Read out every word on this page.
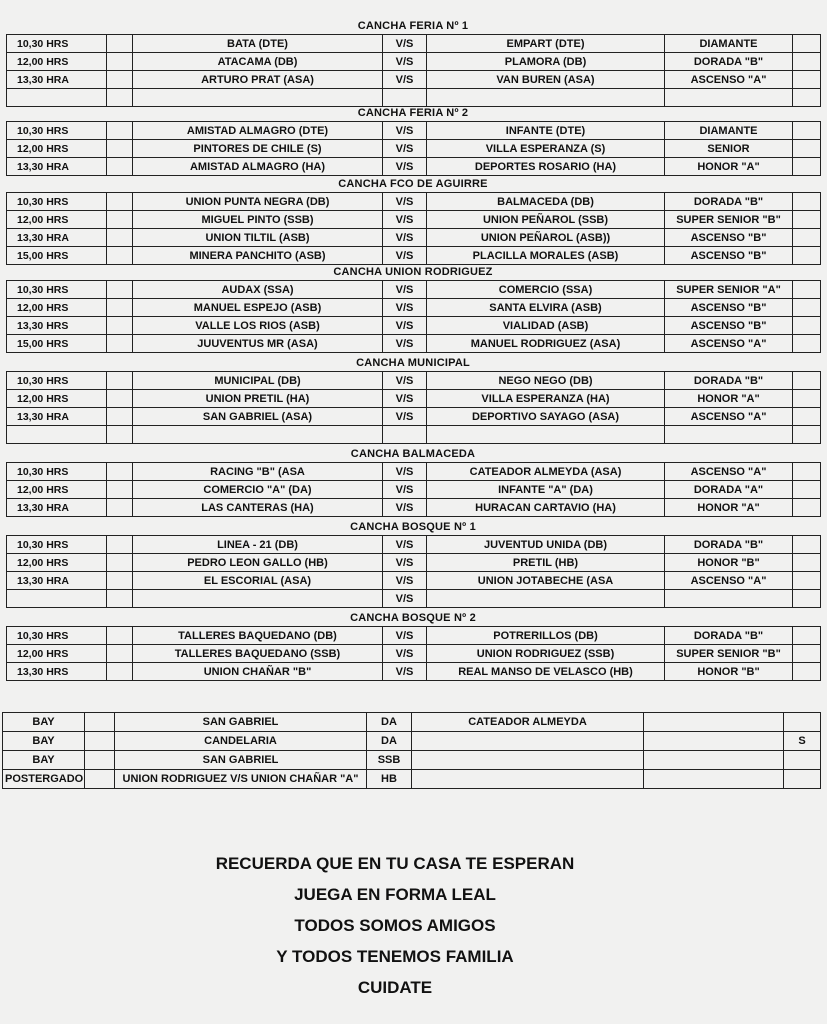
CANCHA FERIA Nº 1
10,30 HRS		BATA (DTE)	V/S	EMPART (DTE)	DIAMANTE	
12,00 HRS		ATACAMA (DB)	V/S	PLAMORA (DB)	DORADA "B"	
13,30 HRA		ARTURO PRAT (ASA)	V/S	VAN BUREN (ASA)	ASCENSO "A"	

CANCHA FERIA Nº 2
10,30 HRS		AMISTAD ALMAGRO (DTE)	V/S	INFANTE (DTE)	DIAMANTE	
12,00 HRS		PINTORES DE CHILE (S)	V/S	VILLA ESPERANZA (S)	SENIOR	
13,30 HRA		AMISTAD ALMAGRO (HA)	V/S	DEPORTES ROSARIO (HA)	HONOR "A"	
CANCHA FCO DE AGUIRRE
10,30 HRS		UNION PUNTA NEGRA (DB)	V/S	BALMACEDA (DB)	DORADA "B"	
12,00 HRS		MIGUEL PINTO (SSB)	V/S	UNION PEÑAROL (SSB)	SUPER SENIOR "B"	
13,30 HRA		UNION TILTIL (ASB)	V/S	UNION PEÑAROL (ASB))	ASCENSO "B"	
15,00 HRS		MINERA PANCHITO (ASB)	V/S	PLACILLA MORALES (ASB)	ASCENSO "B"	
CANCHA UNION RODRIGUEZ
10,30 HRS		AUDAX (SSA)	V/S	COMERCIO (SSA)	SUPER SENIOR "A"	
12,00 HRS		MANUEL ESPEJO (ASB)	V/S	SANTA ELVIRA (ASB)	ASCENSO "B"	
13,30 HRS		VALLE LOS RIOS (ASB)	V/S	VIALIDAD (ASB)	ASCENSO "B"	
15,00 HRS		JUUVENTUS MR (ASA)	V/S	MANUEL RODRIGUEZ (ASA)	ASCENSO "A"	
CANCHA MUNICIPAL
10,30 HRS		MUNICIPAL (DB)	V/S	NEGO NEGO (DB)	DORADA "B"	
12,00 HRS		UNION PRETIL (HA)	V/S	VILLA ESPERANZA (HA)	HONOR "A"	
13,30 HRA		SAN GABRIEL (ASA)	V/S	DEPORTIVO SAYAGO (ASA)	ASCENSO "A"	

CANCHA BALMACEDA
10,30 HRS		RACING "B" (ASA	V/S	CATEADOR ALMEYDA (ASA)	ASCENSO "A"	
12,00 HRS		COMERCIO "A" (DA)	V/S	INFANTE "A" (DA)	DORADA "A"	
13,30 HRA		LAS CANTERAS (HA)	V/S	HURACAN CARTAVIO (HA)	HONOR "A"	
CANCHA BOSQUE Nº 1
10,30 HRS		LINEA - 21 (DB)	V/S	JUVENTUD UNIDA (DB)	DORADA "B"	
12,00 HRS		PEDRO LEON GALLO (HB)	V/S	PRETIL (HB)	HONOR "B"	
13,30 HRA		EL ESCORIAL (ASA)	V/S	UNION JOTABECHE (ASA	ASCENSO "A"	
			V/S			
CANCHA BOSQUE Nº 2
10,30 HRS		TALLERES BAQUEDANO (DB)	V/S	POTRERILLOS (DB)	DORADA "B"	
12,00 HRS		TALLERES BAQUEDANO (SSB)	V/S	UNION RODRIGUEZ (SSB)	SUPER SENIOR "B"	
13,30 HRS		UNION CHAÑAR "B"	V/S	REAL MANSO DE VELASCO (HB)	HONOR "B"	
BAY		SAN GABRIEL	DA	CATEADOR ALMEYDA		
BAY		CANDELARIA	DA			S
BAY		SAN GABRIEL	SSB			
POSTERGADO		UNION RODRIGUEZ V/S UNION CHAÑAR "A"	HB			
RECUERDA QUE EN TU CASA TE ESPERAN
JUEGA EN FORMA LEAL
TODOS SOMOS AMIGOS
Y TODOS TENEMOS FAMILIA
CUIDATE
